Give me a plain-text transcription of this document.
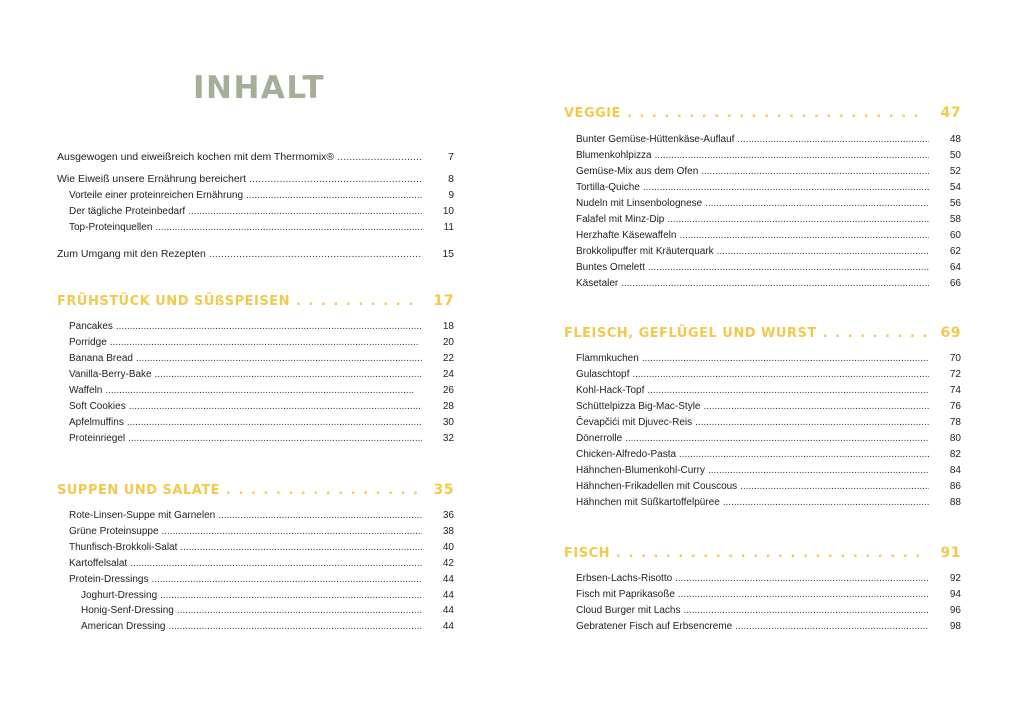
INHALT
Ausgewogen und eiweißreich kochen mit dem Thermomix® . . .	7
Wie Eiweiß unsere Ernährung bereichert . . .	8
Vorteile einer proteinreichen Ernährung . . .	9
Der tägliche Proteinbedarf . . .	10
Top-Proteinquellen . . .	11
Zum Umgang mit den Rezepten . . .	15
FRÜHSTÜCK UND SÜßSPEISEN . . .	17
Pancakes . . .	18
Porridge . . .	20
Banana Bread . . .	22
Vanilla-Berry-Bake . . .	24
Waffeln . . .	26
Soft Cookies . . .	28
Apfelmuffins . . .	30
Proteinriegel . . .	32
SUPPEN UND SALATE . . .	35
Rote-Linsen-Suppe mit Garnelen . . .	36
Grüne Proteinsuppe . . .	38
Thunfisch-Brokkoli-Salat . . .	40
Kartoffelsalat . . .	42
Protein-Dressings . . .	44
Joghurt-Dressing . . .	44
Honig-Senf-Dressing . . .	44
American Dressing . . .	44
VEGGIE . . .	47
Bunter Gemüse-Hüttenkäse-Auflauf . . .	48
Blumenkohlpizza . . .	50
Gemüse-Mix aus dem Ofen . . .	52
Tortilla-Quiche . . .	54
Nudeln mit Linsenbolognese . . .	56
Falafel mit Minz-Dip . . .	58
Herzhafte Käsewaffeln . . .	60
Brokkolipuffer mit Kräuterquark . . .	62
Buntes Omelett . . .	64
Käsetaler . . .	66
FLEISCH, GEFLÜGEL UND WURST . . .	69
Flammkuchen . . .	70
Gulaschtopf . . .	72
Kohl-Hack-Topf . . .	74
Schüttelpizza Big-Mac-Style . . .	76
Čevapčići mit Djuvec-Reis . . .	78
Dönerrolle . . .	80
Chicken-Alfredo-Pasta . . .	82
Hähnchen-Blumenkohl-Curry . . .	84
Hähnchen-Frikadellen mit Couscous . . .	86
Hähnchen mit Süßkartoffelpüree . . .	88
FISCH . . .	91
Erbsen-Lachs-Risotto . . .	92
Fisch mit Paprikasoße . . .	94
Cloud Burger mit Lachs . . .	96
Gebratener Fisch auf Erbsencreme . . .	98
